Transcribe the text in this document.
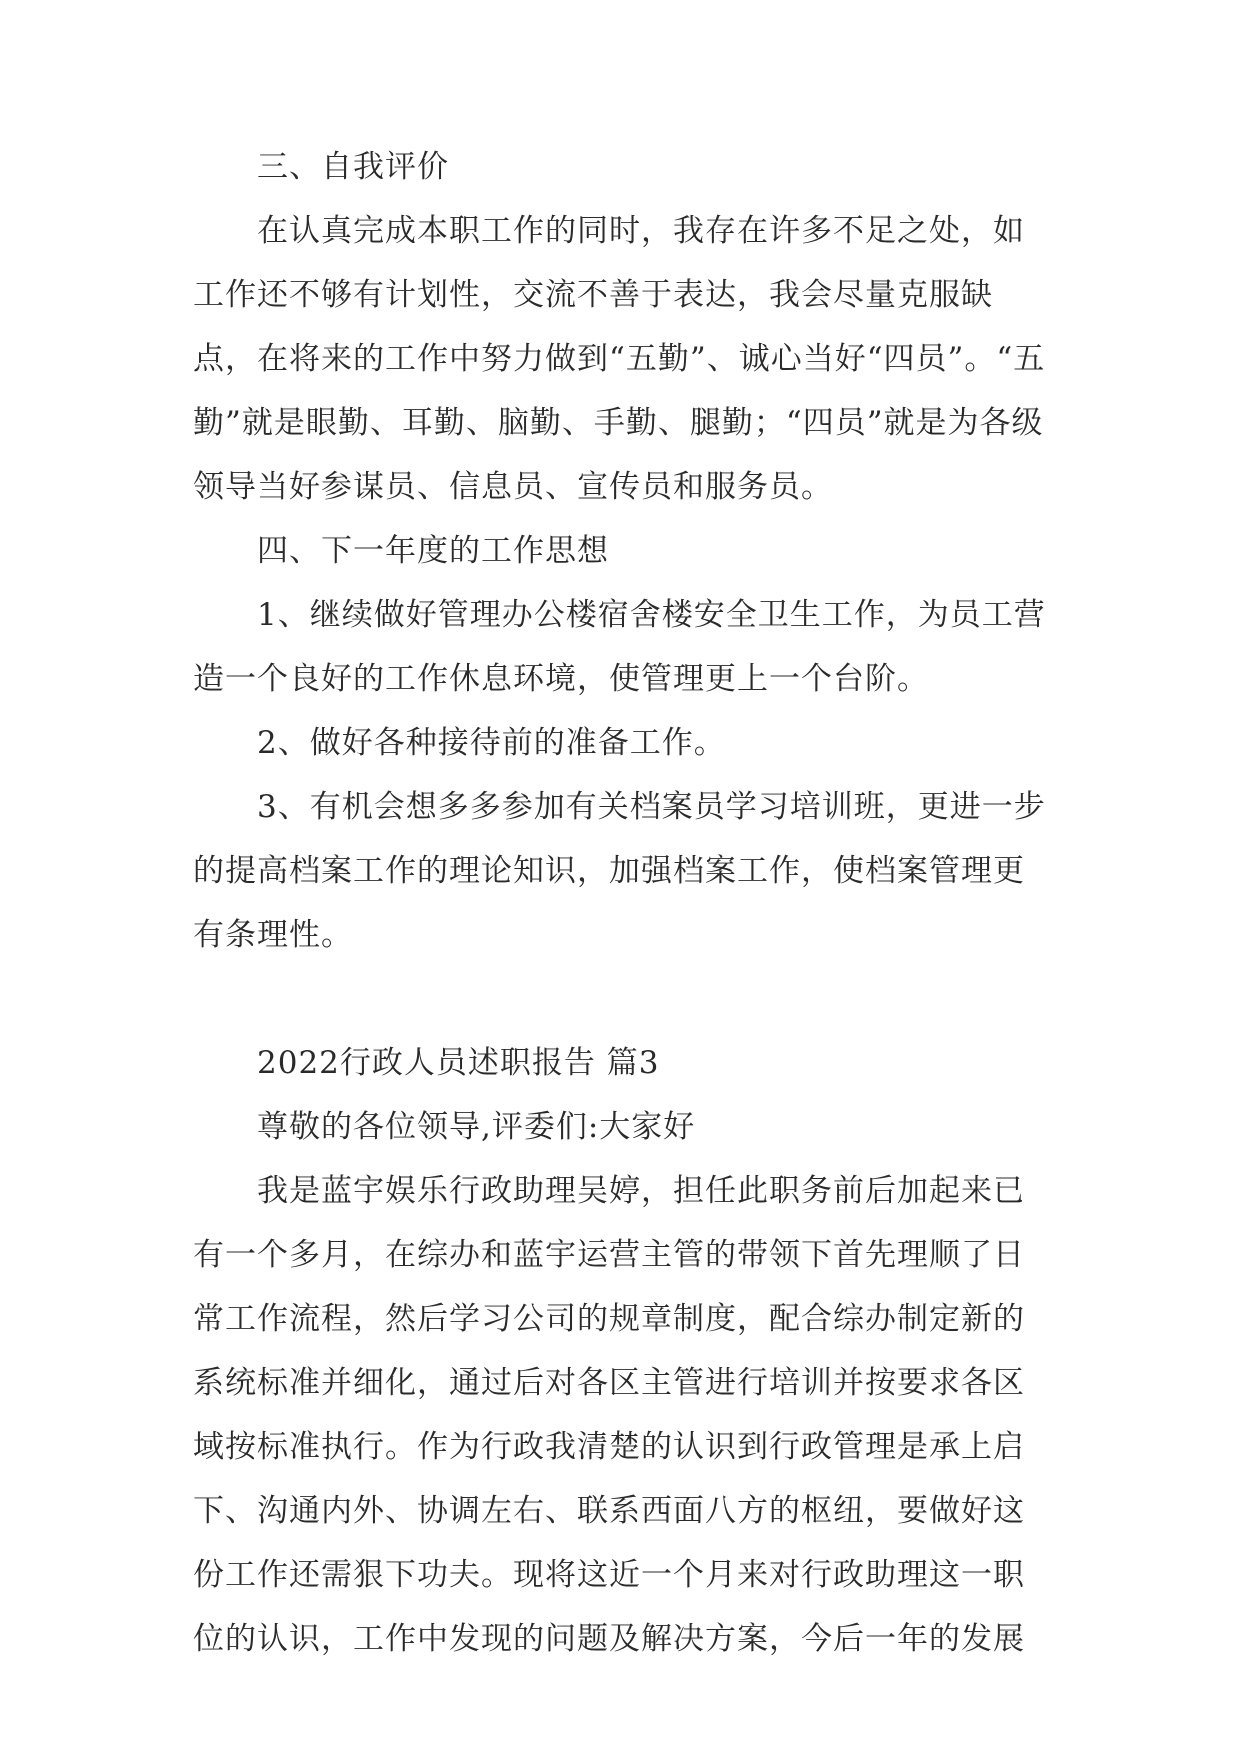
三、自我评价

在认真完成本职工作的同时，我存在许多不足之处，如工作还不够有计划性，交流不善于表达，我会尽量克服缺点，在将来的工作中努力做到“五勤”、诚心当好“四员”。“五勤”就是眼勤、耳勤、脑勤、手勤、腿勤；“四员”就是为各级领导当好参谋员、信息员、宣传员和服务员。

四、下一年度的工作思想

1、继续做好管理办公楼宿舍楼安全卫生工作，为员工营造一个良好的工作休息环境，使管理更上一个台阶。

2、做好各种接待前的准备工作。

3、有机会想多多参加有关档案员学习培训班，更进一步的提高档案工作的理论知识，加强档案工作，使档案管理更有条理性。

2022行政人员述职报告 篇3

尊敬的各位领导,评委们:大家好

我是蓝宇娱乐行政助理吴婷，担任此职务前后加起来已有一个多月，在综办和蓝宇运营主管的带领下首先理顺了日常工作流程，然后学习公司的规章制度，配合综办制定新的系统标准并细化，通过后对各区主管进行培训并按要求各区域按标准执行。作为行政我清楚的认识到行政管理是承上启下、沟通内外、协调左右、联系西面八方的枢纽，要做好这份工作还需狠下功夫。现将这近一个月来对行政助理这一职位的认识，工作中发现的问题及解决方案，今后一年的发展
